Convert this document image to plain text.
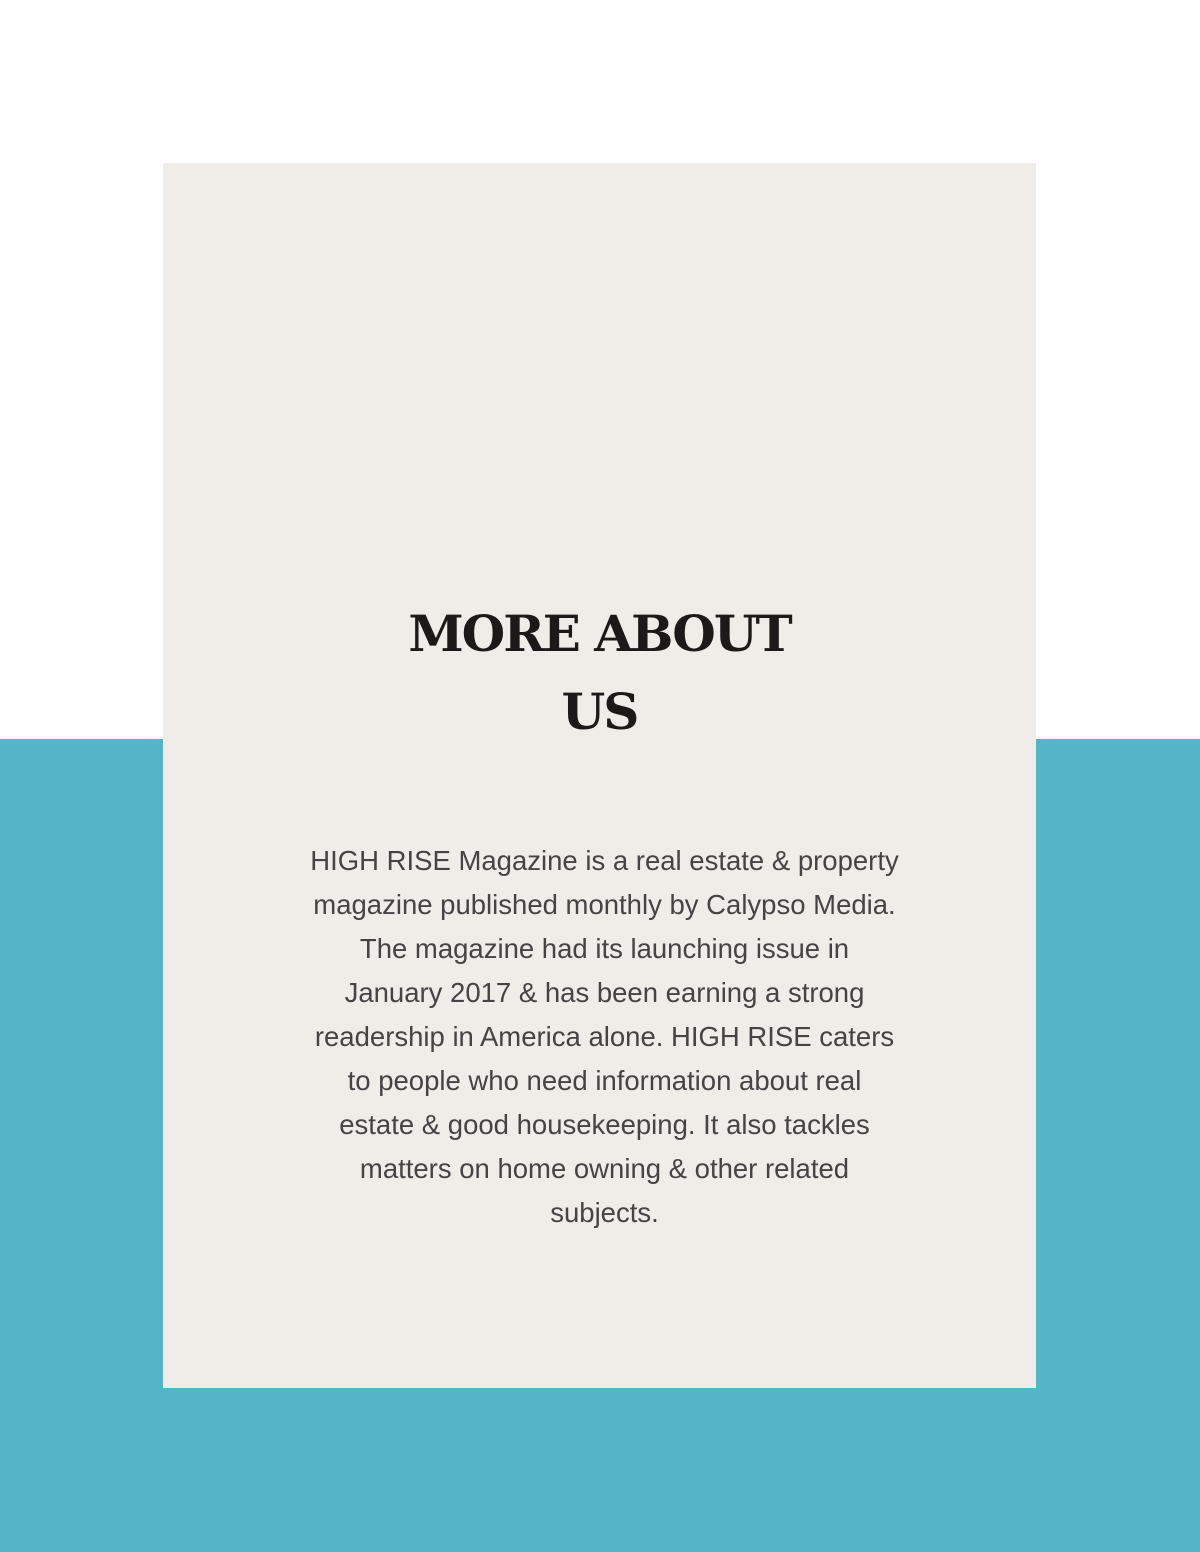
MORE ABOUT
US
HIGH RISE Magazine is a real estate & property
magazine published monthly by Calypso Media.
The magazine had its launching issue in
January 2017 & has been earning a strong
readership in America alone. HIGH RISE caters
to people who need information about real
estate & good housekeeping. It also tackles
matters on home owning & other related
subjects.
